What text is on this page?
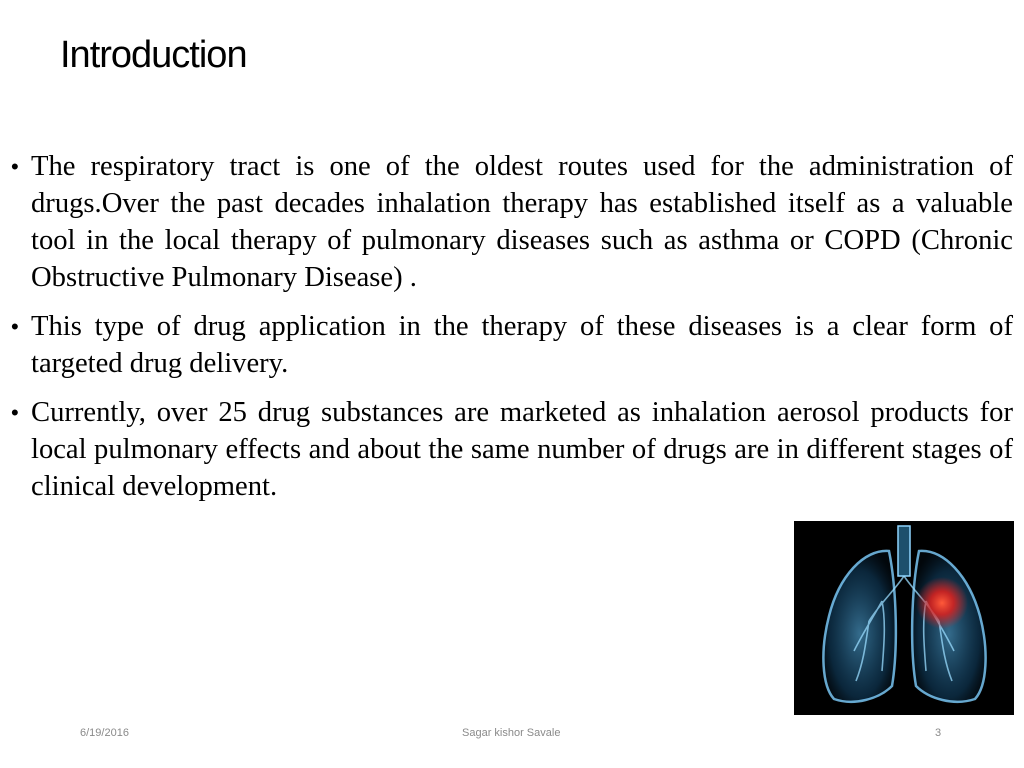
Introduction
• The respiratory tract is one of the oldest routes used for the administration of drugs.Over the past decades inhalation therapy has established itself as a valuable tool in the local therapy of pulmonary diseases such as asthma or COPD (Chronic Obstructive Pulmonary Disease) .
• This type of drug application in the therapy of these diseases is a clear form of targeted drug delivery.
• Currently, over 25 drug substances are marketed as inhalation aerosol products for local pulmonary effects and about the same number of drugs are in different stages of clinical development.
6/19/2016	Sagar kishor Savale	3
